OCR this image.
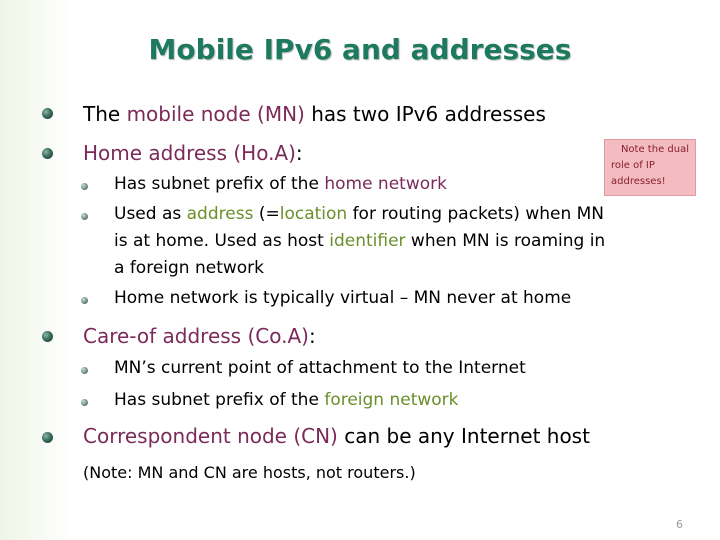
Mobile IPv6 and addresses
The mobile node (MN) has two IPv6 addresses
Home address (Ho.A):	Note the dual
role of IP
addresses!
Has subnet prefix of the home network
Used as address (=location for routing packets) when MN
is at home. Used as host identifier when MN is roaming in
a foreign network
Home network is typically virtual – MN never at home
Care-of address (Co.A):
MN’s current point of attachment to the Internet
Has subnet prefix of the foreign network
Correspondent node (CN) can be any Internet host
(Note: MN and CN are hosts, not routers.)
6
